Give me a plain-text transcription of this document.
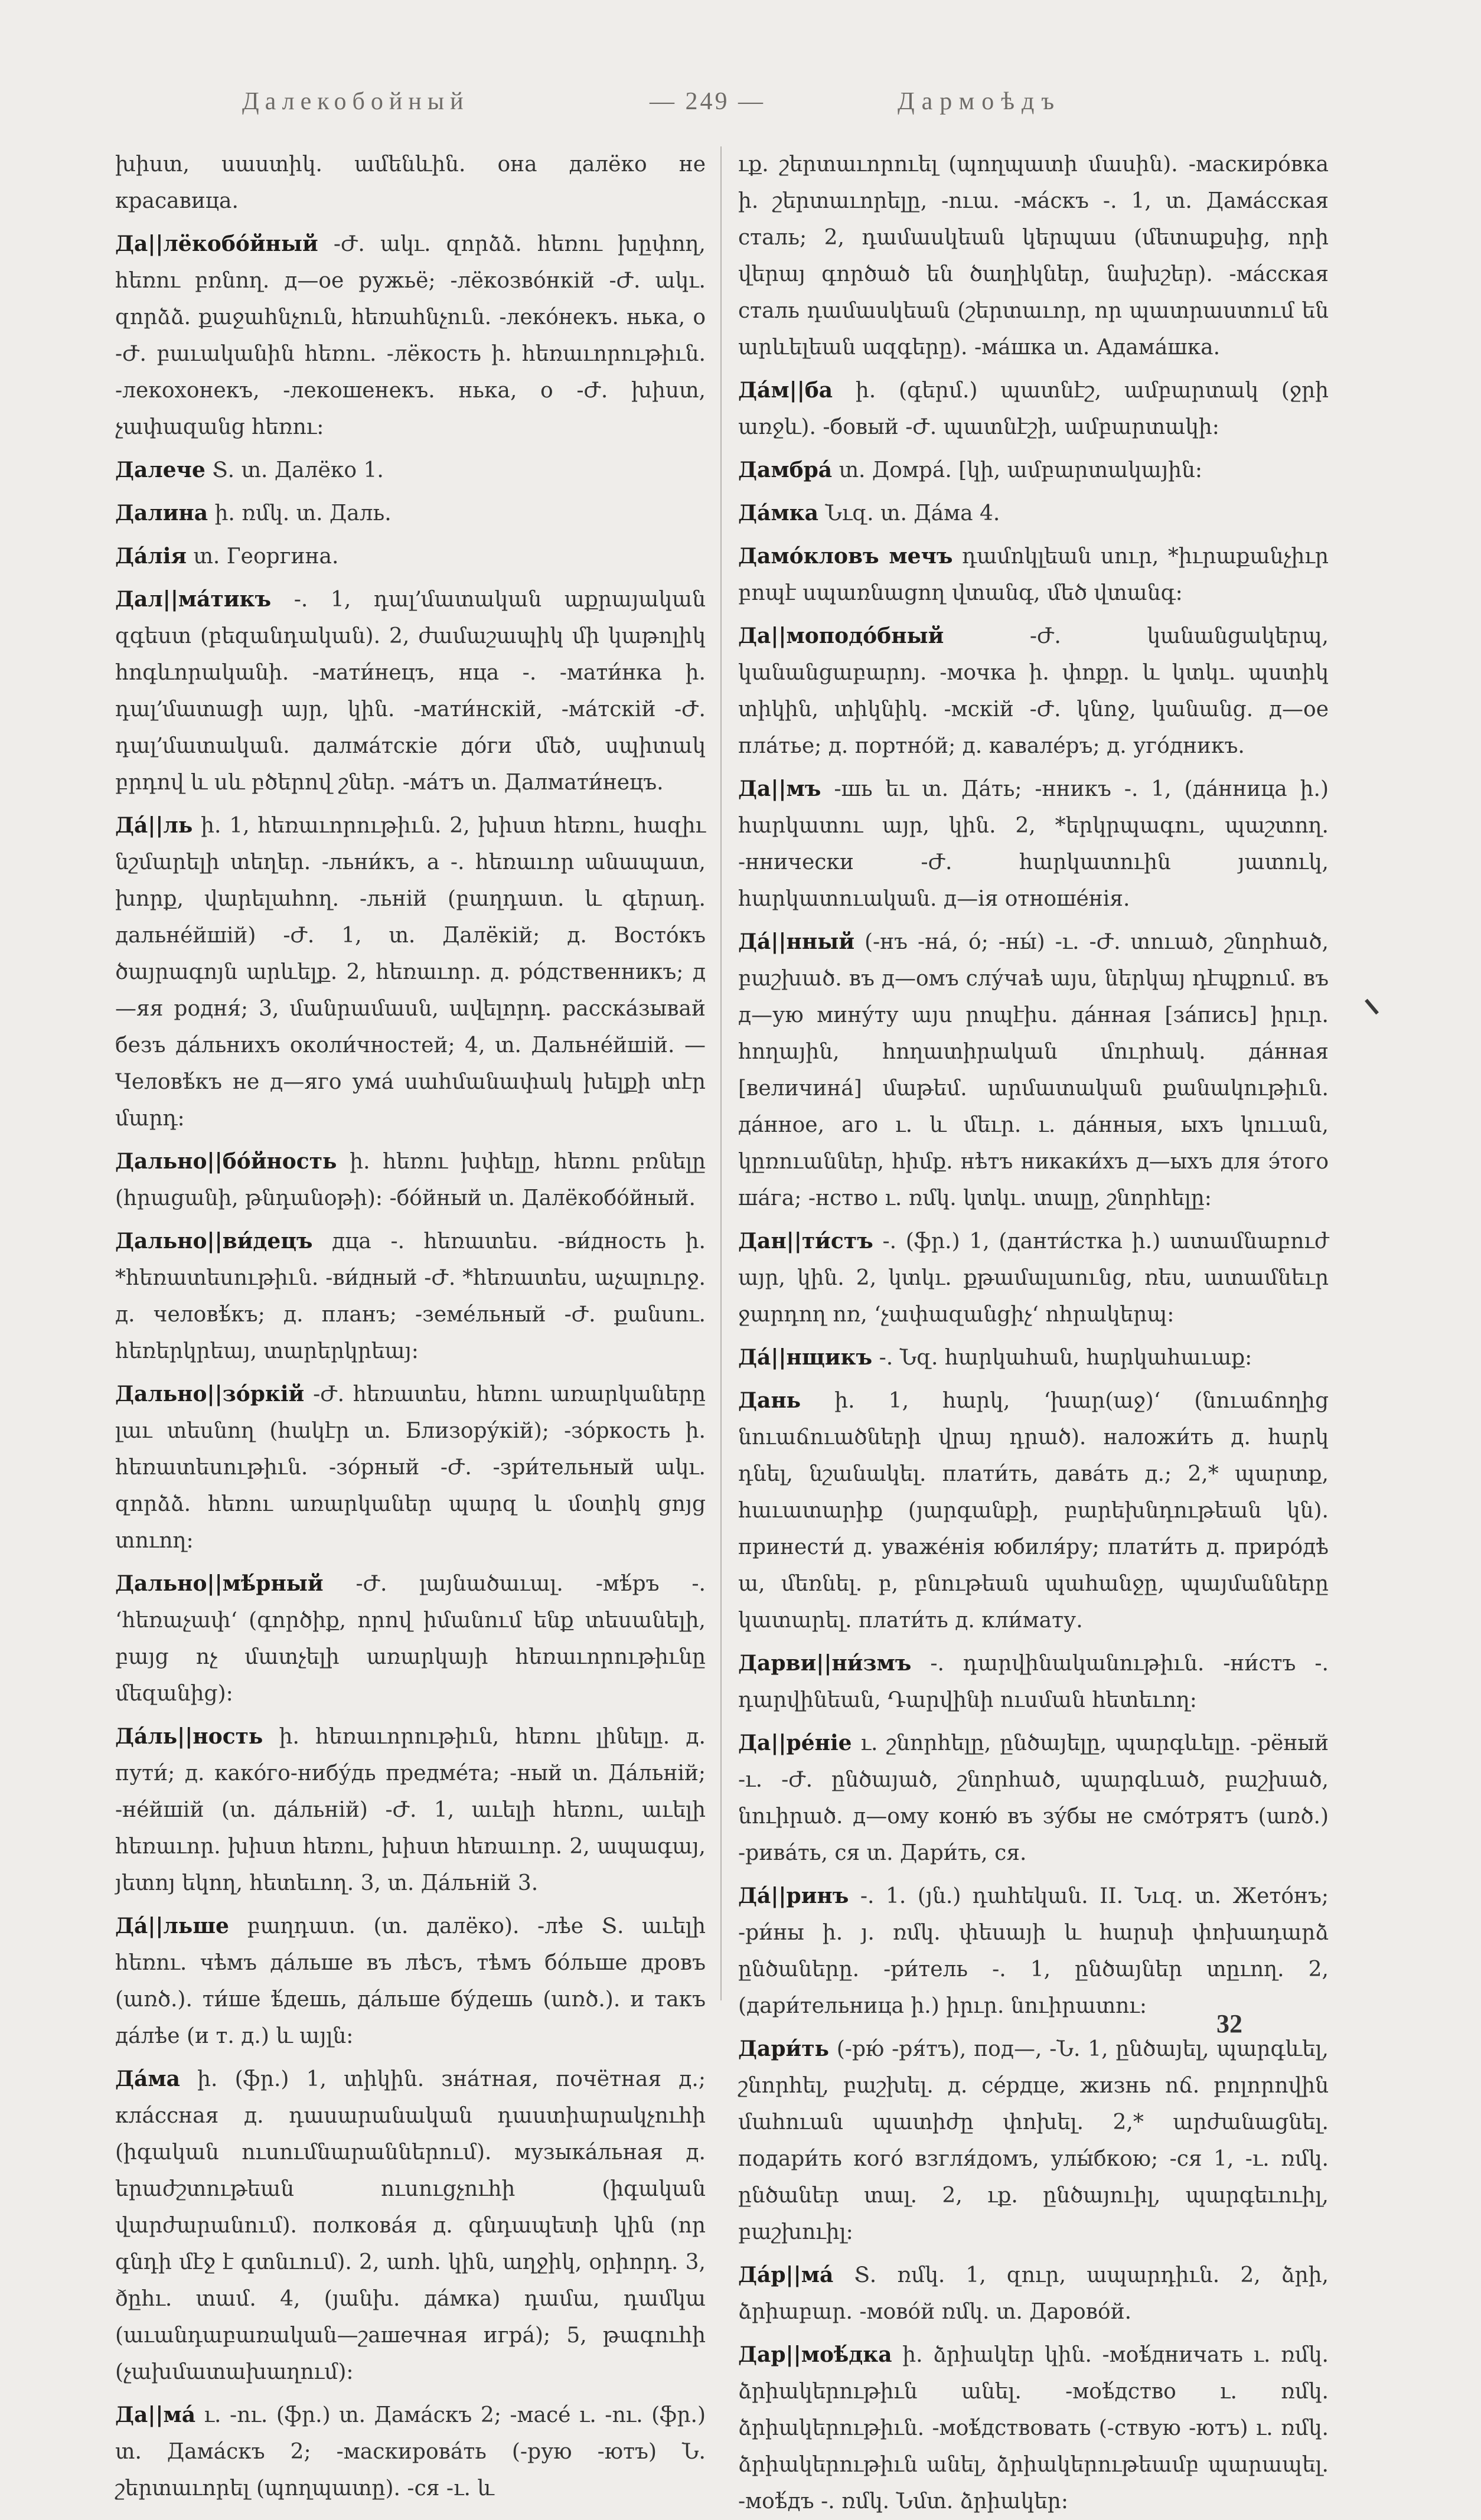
Далекобойный	— 249 —	Дармоѣдъ

խիստ, սաստիկ. ամենևին. она далёко не красавица.

Да||лёкобо́йный ‑Ժ. ակւ. զորձձ. հեռու խըփող, հեռու բռնող. д—ое ружьё; ‑лёкозво́нкій ‑Ժ. ակւ. զորձձ. քաջահնչուն, հեռահնչուն. ‑леко́некъ. нька, о ‑Ժ. բաւականին հեռու. ‑лёкость ի. հեռաւորութիւն. ‑лекохонекъ, ‑лекошенекъ. нька, о ‑Ժ. խիստ, չափազանց հեռու:

Далече Տ. տ. Далёко 1.

Далина ի. ռմկ. տ. Даль.

Да́лія տ. Георгина.

Дал||ма́тикъ ‑. 1, դալ՚մատական աքրայական զգեստ (բեզանդական). 2, ժամաշապիկ մի կաթոլիկ հոգևորականի. ‑мати́нецъ, нца ‑. ‑мати́нка ի. դալ՚մատացի այր, կին. ‑мати́нскій, ‑ма́тскій ‑Ժ. դալ՚մատական. далма́тскіе до́ги մեծ, սպիտակ բրդով և սև բծերով շներ. ‑ма́тъ տ. Далмати́нецъ.

Да́||ль ի. 1, հեռաւորութիւն. 2, խիստ հեռու, հազիւ նշմարելի տեղեր. ‑льни́къ, а ‑. հեռաւոր անապատ, խորք, վարելահող. ‑льній (բաղդատ. և գերադ. дальне́йшій) ‑Ժ. 1, տ. Далёкій; д. Восто́къ ծայրագոյն արևելք. 2, հեռաւոր. д. ро́дственникъ; д—яя родня́; 3, մանրամասն, ավելորդ. расска́зывай безъ да́льнихъ околи́чностей; 4, տ. Дальне́йшій. — Человѣ́къ не д—яго ума́ սահմանափակ խելքի տէր մարդ:

Дально||бо́йность ի. հեռու խփելը, հեռու բռնելը (հրացանի, թնդանօթի): ‑бо́йный տ. Далёкобо́йный.

Дально||ви́децъ дца ‑. հեռատես. ‑ви́дность ի. *հեռատեսութիւն. ‑ви́дный ‑Ժ. *հեռատես, աչալուրջ. д. человѣ́къ; д. планъ; ‑земе́льный ‑Ժ. քանսու. հեռերկրեայ, տարերկրեայ:

Дально||зо́ркій ‑Ժ. հեռատես, հեռու առարկաները լաւ տեսնող (հակէր տ. Близору́кій); ‑зо́ркость ի. հեռատեսութիւն. ‑зо́рный ‑Ժ. ‑зри́тельный ակւ. զորձձ. հեռու առարկաներ պարզ և մօտիկ ցոյց տուող:

Дально||мѣ́рный ‑Ժ. լայնածաւալ. ‑мѣ́ръ ‑. ‘հեռաչափ‘ (գործիք, որով իմանում ենք տեսանելի, բայց ոչ մատչելի առարկայի հեռաւորութիւնը մեզանից):

Да́ль||ность ի. հեռաւորութիւն, հեռու լինելը. д. пути́; д. како́го‑нибу́дь предме́та; ‑ный տ. Да́льній; ‑не́йшій (տ. да́льній) ‑Ժ. 1, աւելի հեռու, աւելի հեռաւոր. խիստ հեռու, խիստ հեռաւոր. 2, ապագայ, յետոյ եկող, հետեւող. 3, տ. Да́льній 3.

Да́||льше բաղդատ. (տ. далёко). ‑лѣе Տ. աւելի հեռու. чѣмъ да́льше въ лѣсъ, тѣмъ бо́льше дровъ (առծ.). ти́ше ѣ́дешь, да́льше бу́дешь (առծ.). и такъ да́лѣе (и т. д.) և այլն:

Да́ма ի. (ֆր.) 1, տիկին. зна́тная, почётная д.; кла́ссная д. դասարանական դաստիարակչուհի (իգական ուսումնարաններում). музыка́льная д. երաժշտութեան ուսուցչուհի (իգական վարժարանում). полкова́я д. գնդապետի կին (որ գնդի մէջ է գտնւում). 2, առհ. կին, աղջիկ, օրիորդ. 3, ðըհւ. տամ. 4, (յանխ. да́мка) դամա, դամկա (աւանդաբառական—շашечная игра́); 5, թագուհի (չախմատախաղում):

Да||ма́ ւ. ‑ու. (ֆր.) տ. Дама́скъ 2; ‑масе́ ւ. ‑ու. (ֆր.) տ. Дама́скъ 2; ‑маскирова́ть (‑рую ‑ютъ) Ն. շերտաւորել (պողպատը). ‑ся ‑ւ. և

ւք. շերտաւորուել (պողպատի մասին). ‑маскиро́вка ի. շերտաւորելը, ‑ուա. ‑ма́скъ ‑. 1, տ. Дама́сская сталь; 2, դամասկեան կերպաս (մետաքսից, որի վերայ գործած են ծաղիկներ, նախշեր). ‑ма́сская сталь դամասկեան (շերտաւոր, որ պատրաստում են արևելեան ազգերը). ‑ма́шка տ. Адама́шка.

Да́м||ба ի. (գերմ.) պատնէշ, ամբարտակ (ջրի առջև). ‑бовый ‑Ժ. պատնէշի, ամբարտակի:

Дамбра́ տ. Домра́. [կի, ամբարտակային:

Да́мка Նւզ. տ. Да́ма 4.

Дамо́кловъ мечъ դամոկլեան սուր, *իւրաքանչիւր բոպէ սպառնացող վտանգ, մեծ վտանգ:

Да||моподо́бный	‑Ժ. կանանցակերպ, կանանցաբարոյ. ‑мочка ի. փոքր. և կտկւ. պստիկ տիկին, տիկնիկ. ‑мскій ‑Ժ. կնոջ, կանանց. д—ое пла́тье; д. портно́й; д. кавале́ръ; д. уго́дникъ.

Да||мъ ‑шь եւ տ. Да́ть; ‑нникъ ‑. 1, (да́нница ի.) հարկատու այր, կին. 2, *երկրպագու, պաշտող. ‑ннически ‑Ժ. հարկատուին յատուկ, հարկատուական. д—ія отноше́нія.

Да́||нный (‑нъ ‑на́, о́; ‑ны́) ‑ւ. ‑Ժ. տուած, շնորհած, բաշխած. въ д—омъ слу́чаѣ այս, ներկայ դէպքում. въ д—ую мину́ту այս րոպէիս. да́нная [за́пись] իրւր. հողային, հողատիրական մուրհակ. да́нная [величина́] մաթեմ. արմատական քանակութիւն. да́нное, аго ւ. և մեւր. ւ. да́нныя, ыхъ կոււան, կըռուաններ, հիմք. нѣтъ никаки́хъ д—ыхъ для э́того ша́га; ‑нство ւ. ռմկ. կտկւ. տալը, շնորհելը:

Дан||ти́стъ ‑. (ֆր.) 1, (данти́стка ի.) ատամնաբուժ այր, կին. 2, կտկւ. քթամալաունց, ռես, ատամնեւր ջարդող ոռ, ‘չափազանցիչ‘ ոհրակերպ:

Да́||нщикъ ‑. Նզ. հարկահան, հարկահաւաք:

Дань ի. 1, հարկ, ‘խար(աջ)‘ (նուաճողից նուաճուածների վրայ դրած). наложи́ть д. հարկ դնել, նշանակել. плати́ть, дава́ть д.; 2,* պարտք, հաւատարիք (յարգանքի, բարեխնդութեան կն). принести́ д. уваже́нія юбиля́ру; плати́ть д. приро́дѣ ա, մեռնել. բ, բնութեան պահանջը, պայմանները կատարել. плати́ть д. кли́мату.

Дарви||ни́змъ ‑. դարվինականութիւն. ‑ни́стъ ‑. դարվինեան, Դարվինի ուսման հետեւող:

Да||ре́ніе ւ. շնորհելը, ընծայելը, պարգևելը. ‑рёный ‑ւ. ‑Ժ. ընծայած, շնորհած, պարգևած, բաշխած, նուիրած. д—ому коню́ въ зу́бы не смо́трятъ (առծ.) ‑рива́ть, ся տ. Дари́ть, ся.

Да́||ринъ ‑. 1. (յն.) դահեկան. II. Նւզ. տ. Жето́нъ; ‑ри́ны ի. յ. ռմկ. փեսայի և հարսի փոխադարձ ընծաները. ‑ри́тель ‑. 1, ընծայներ տըւող. 2, (дари́тельница ի.) իրւր. նուիրատու:

Дари́ть (‑рю́ ‑ря́тъ), под—, ‑Ն. 1, ընծայել, պարգևել, շնորհել, բաշխել. д. се́рдце, жизнь ոճ. բոլորովին մահուան պատիժը փոխել. 2,* արժանացնել. подари́ть кого́ взгля́домъ, улы́бкою; ‑ся 1, ‑ւ. ռմկ. ընծաներ տալ. 2, ւք. ընծայուիլ, պարգեւուիլ, բաշխուիլ:

Да́р||ма́ Տ. ռմկ. 1, զուր, ապարդիւն. 2, ձրի, ձրիաբար. ‑мово́й ռմկ. տ. Дарово́й.

Дар||моѣ́дка ի. ձրիակեր կին. ‑моѣ́дничать ւ. ռմկ. ձրիակերութիւն անել. ‑моѣ́дство ւ. ռմկ. ձրիակերութիւն. ‑моѣ́дствовать (‑ствую ‑ютъ) ւ. ռմկ. ձրիակերութիւն անել, ձրիակերութեամբ պարապել. ‑моѣ́дъ ‑. ռմկ. Նմտ. ձրիակեր:

32
